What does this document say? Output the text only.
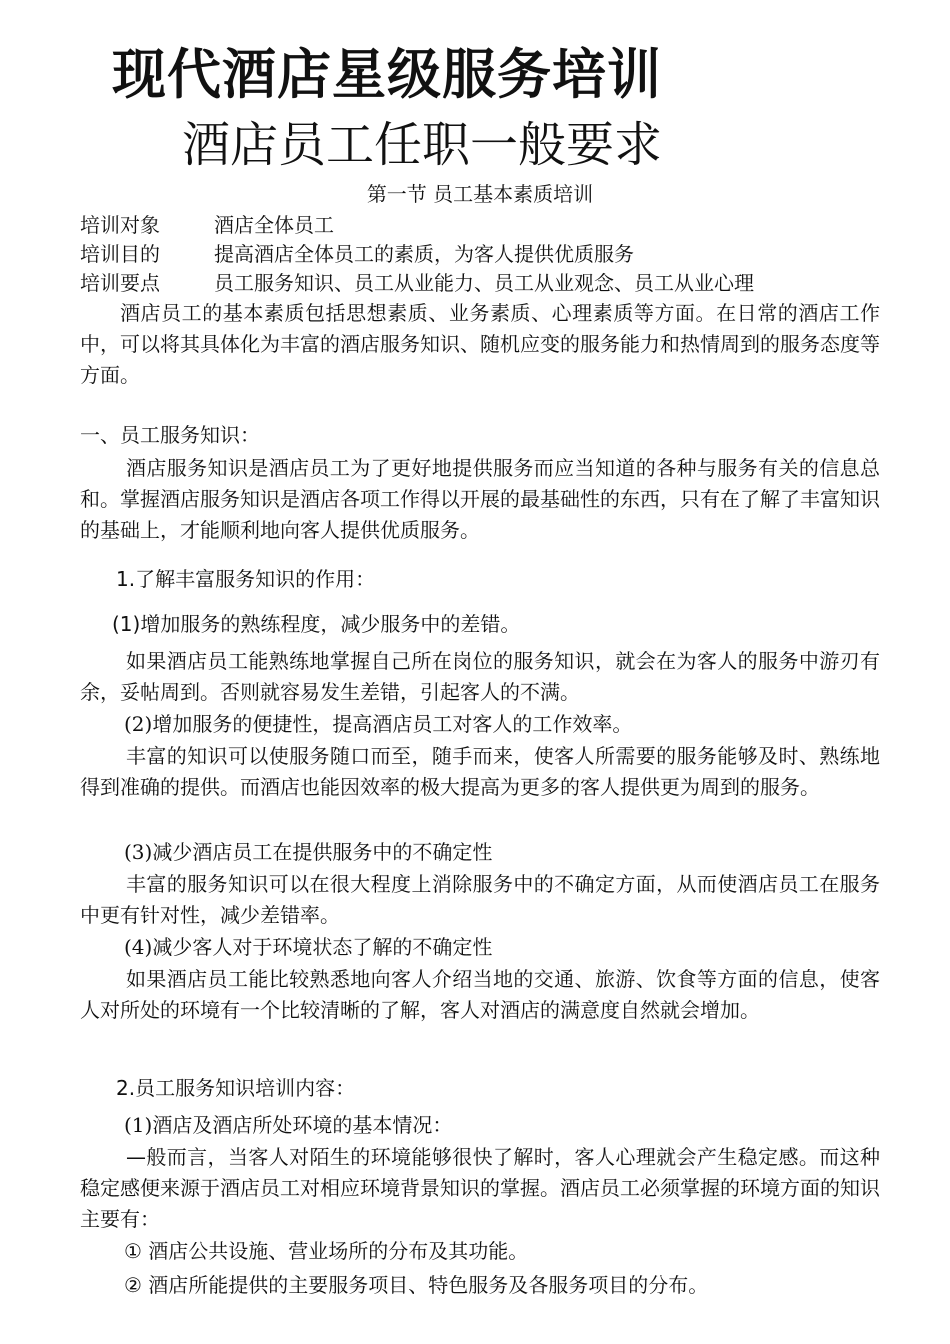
现代酒店星级服务培训
酒店员工任职一般要求
第一节 员工基本素质培训
培训对象	酒店全体员工
培训目的	提高酒店全体员工的素质，为客人提供优质服务
培训要点	员工服务知识、员工从业能力、员工从业观念、员工从业心理
酒店员工的基本素质包括思想素质、业务素质、心理素质等方面。在日常的酒店工作中，可以将其具体化为丰富的酒店服务知识、随机应变的服务能力和热情周到的服务态度等方面。
一、员工服务知识：
酒店服务知识是酒店员工为了更好地提供服务而应当知道的各种与服务有关的信息总和。掌握酒店服务知识是酒店各项工作得以开展的最基础性的东西，只有在了解了丰富知识的基础上，才能顺利地向客人提供优质服务。
1.了解丰富服务知识的作用：
(1)增加服务的熟练程度，减少服务中的差错。
如果酒店员工能熟练地掌握自己所在岗位的服务知识，就会在为客人的服务中游刃有余，妥帖周到。否则就容易发生差错，引起客人的不满。
(2)增加服务的便捷性，提高酒店员工对客人的工作效率。
丰富的知识可以使服务随口而至，随手而来，使客人所需要的服务能够及时、熟练地得到准确的提供。而酒店也能因效率的极大提高为更多的客人提供更为周到的服务。
(3)减少酒店员工在提供服务中的不确定性
丰富的服务知识可以在很大程度上消除服务中的不确定方面，从而使酒店员工在服务中更有针对性，减少差错率。
(4)减少客人对于环境状态了解的不确定性
如果酒店员工能比较熟悉地向客人介绍当地的交通、旅游、饮食等方面的信息，使客人对所处的环境有一个比较清晰的了解，客人对酒店的满意度自然就会增加。
2.员工服务知识培训内容：
(1)酒店及酒店所处环境的基本情况：
—般而言，当客人对陌生的环境能够很快了解时，客人心理就会产生稳定感。而这种稳定感便来源于酒店员工对相应环境背景知识的掌握。酒店员工必须掌握的环境方面的知识主要有：
① 酒店公共设施、营业场所的分布及其功能。
② 酒店所能提供的主要服务项目、特色服务及各服务项目的分布。
